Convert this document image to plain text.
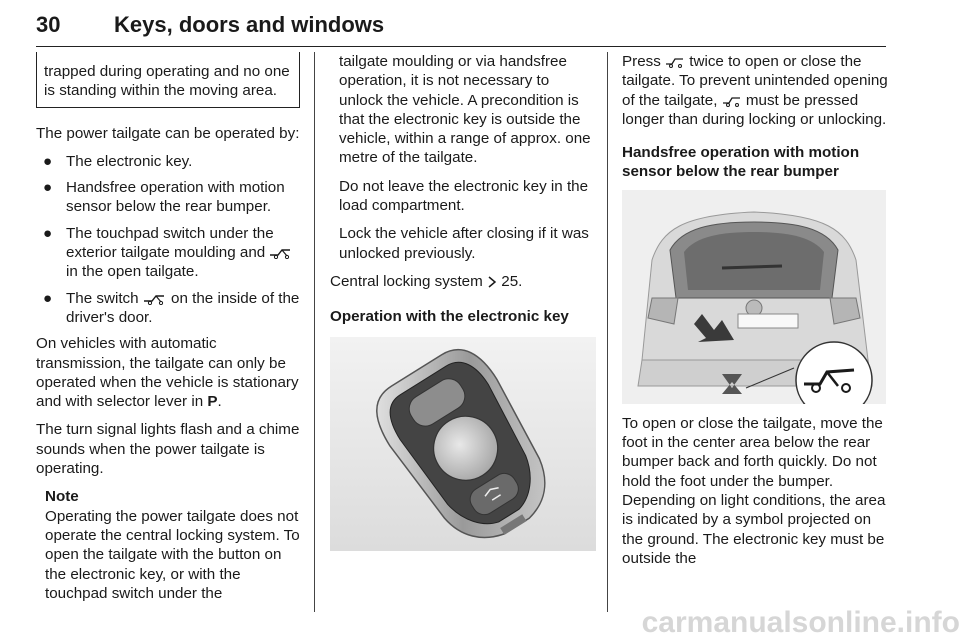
30 Keys, doors and windows

trapped during operating and no one is standing within the moving area.

The power tailgate can be operated by:

● The electronic key.
● Handsfree operation with motion sensor below the rear bumper.
● The touchpad switch under the exterior tailgate moulding and  in the open tailgate.
● The switch  on the inside of the driver's door.

On vehicles with automatic transmission, the tailgate can only be operated when the vehicle is stationary and with selector lever in P.

The turn signal lights flash and a chime sounds when the power tailgate is operating.

Note
Operating the power tailgate does not operate the central locking system. To open the tailgate with the button on the electronic key, or with the touchpad switch under the

tailgate moulding or via handsfree operation, it is not necessary to unlock the vehicle. A precondition is that the electronic key is outside the vehicle, within a range of approx. one metre of the tailgate.

Do not leave the electronic key in the load compartment.

Lock the vehicle after closing if it was unlocked previously.

Central locking system 25.

Operation with the electronic key

Press  twice to open or close the tailgate. To prevent unintended opening of the tailgate,  must be pressed longer than during locking or unlocking.

Handsfree operation with motion sensor below the rear bumper

To open or close the tailgate, move the foot in the center area below the rear bumper back and forth quickly. Do not hold the foot under the bumper. Depending on light conditions, the area is indicated by a symbol projected on the ground. The electronic key must be outside the

carmanualsonline.info
